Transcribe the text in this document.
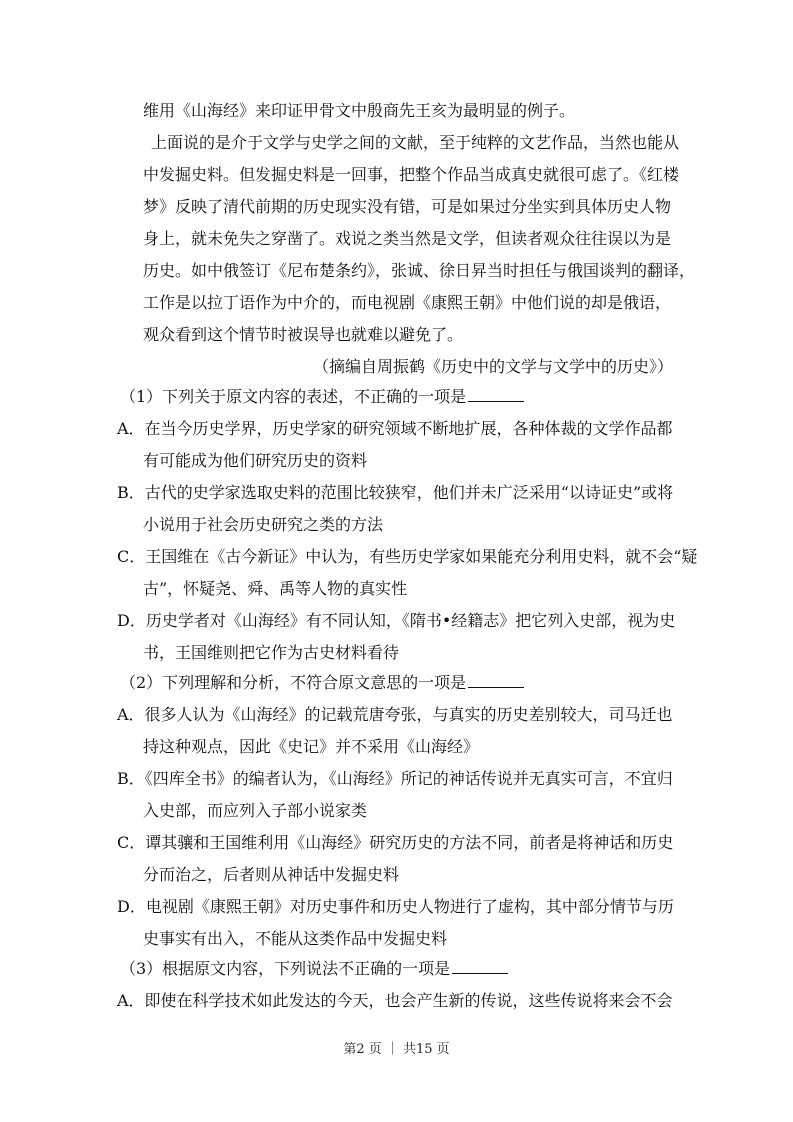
维用《山海经》来印证甲骨文中殷商先王亥为最明显的例子。
上面说的是介于文学与史学之间的文献，至于纯粹的文艺作品，当然也能从
中发掘史料。但发掘史料是一回事，把整个作品当成真史就很可虑了。《红楼
梦》反映了清代前期的历史现实没有错，可是如果过分坐实到具体历史人物
身上，就未免失之穿凿了。戏说之类当然是文学，但读者观众往往误以为是
历史。如中俄签订《尼布楚条约》，张诚、徐日昇当时担任与俄国谈判的翻译，
工作是以拉丁语作为中介的，而电视剧《康熙王朝》中他们说的却是俄语，
观众看到这个情节时被误导也就难以避免了。
（摘编自周振鹤《历史中的文学与文学中的历史》）
（1）下列关于原文内容的表述，不正确的一项是
A．在当今历史学界，历史学家的研究领域不断地扩展，各种体裁的文学作品都
有可能成为他们研究历史的资料
B．古代的史学家选取史料的范围比较狭窄，他们并未广泛采用“以诗证史”或将
小说用于社会历史研究之类的方法
C．王国维在《古今新证》中认为，有些历史学家如果能充分利用史料，就不会“疑
古”，怀疑尧、舜、禹等人物的真实性
D．历史学者对《山海经》有不同认知，《隋书•经籍志》把它列入史部，视为史
书，王国维则把它作为古史材料看待
（2）下列理解和分析，不符合原文意思的一项是
A．很多人认为《山海经》的记载荒唐夸张，与真实的历史差别较大，司马迁也
持这种观点，因此《史记》并不采用《山海经》
B．《四库全书》的编者认为，《山海经》所记的神话传说并无真实可言，不宜归
入史部，而应列入子部小说家类
C．谭其骧和王国维利用《山海经》研究历史的方法不同，前者是将神话和历史
分而治之，后者则从神话中发掘史料
D．电视剧《康熙王朝》对历史事件和历史人物进行了虚构，其中部分情节与历
史事实有出入，不能从这类作品中发掘史料
（3）根据原文内容，下列说法不正确的一项是
A．即使在科学技术如此发达的今天，也会产生新的传说，这些传说将来会不会
第2 页 ｜ 共15 页
